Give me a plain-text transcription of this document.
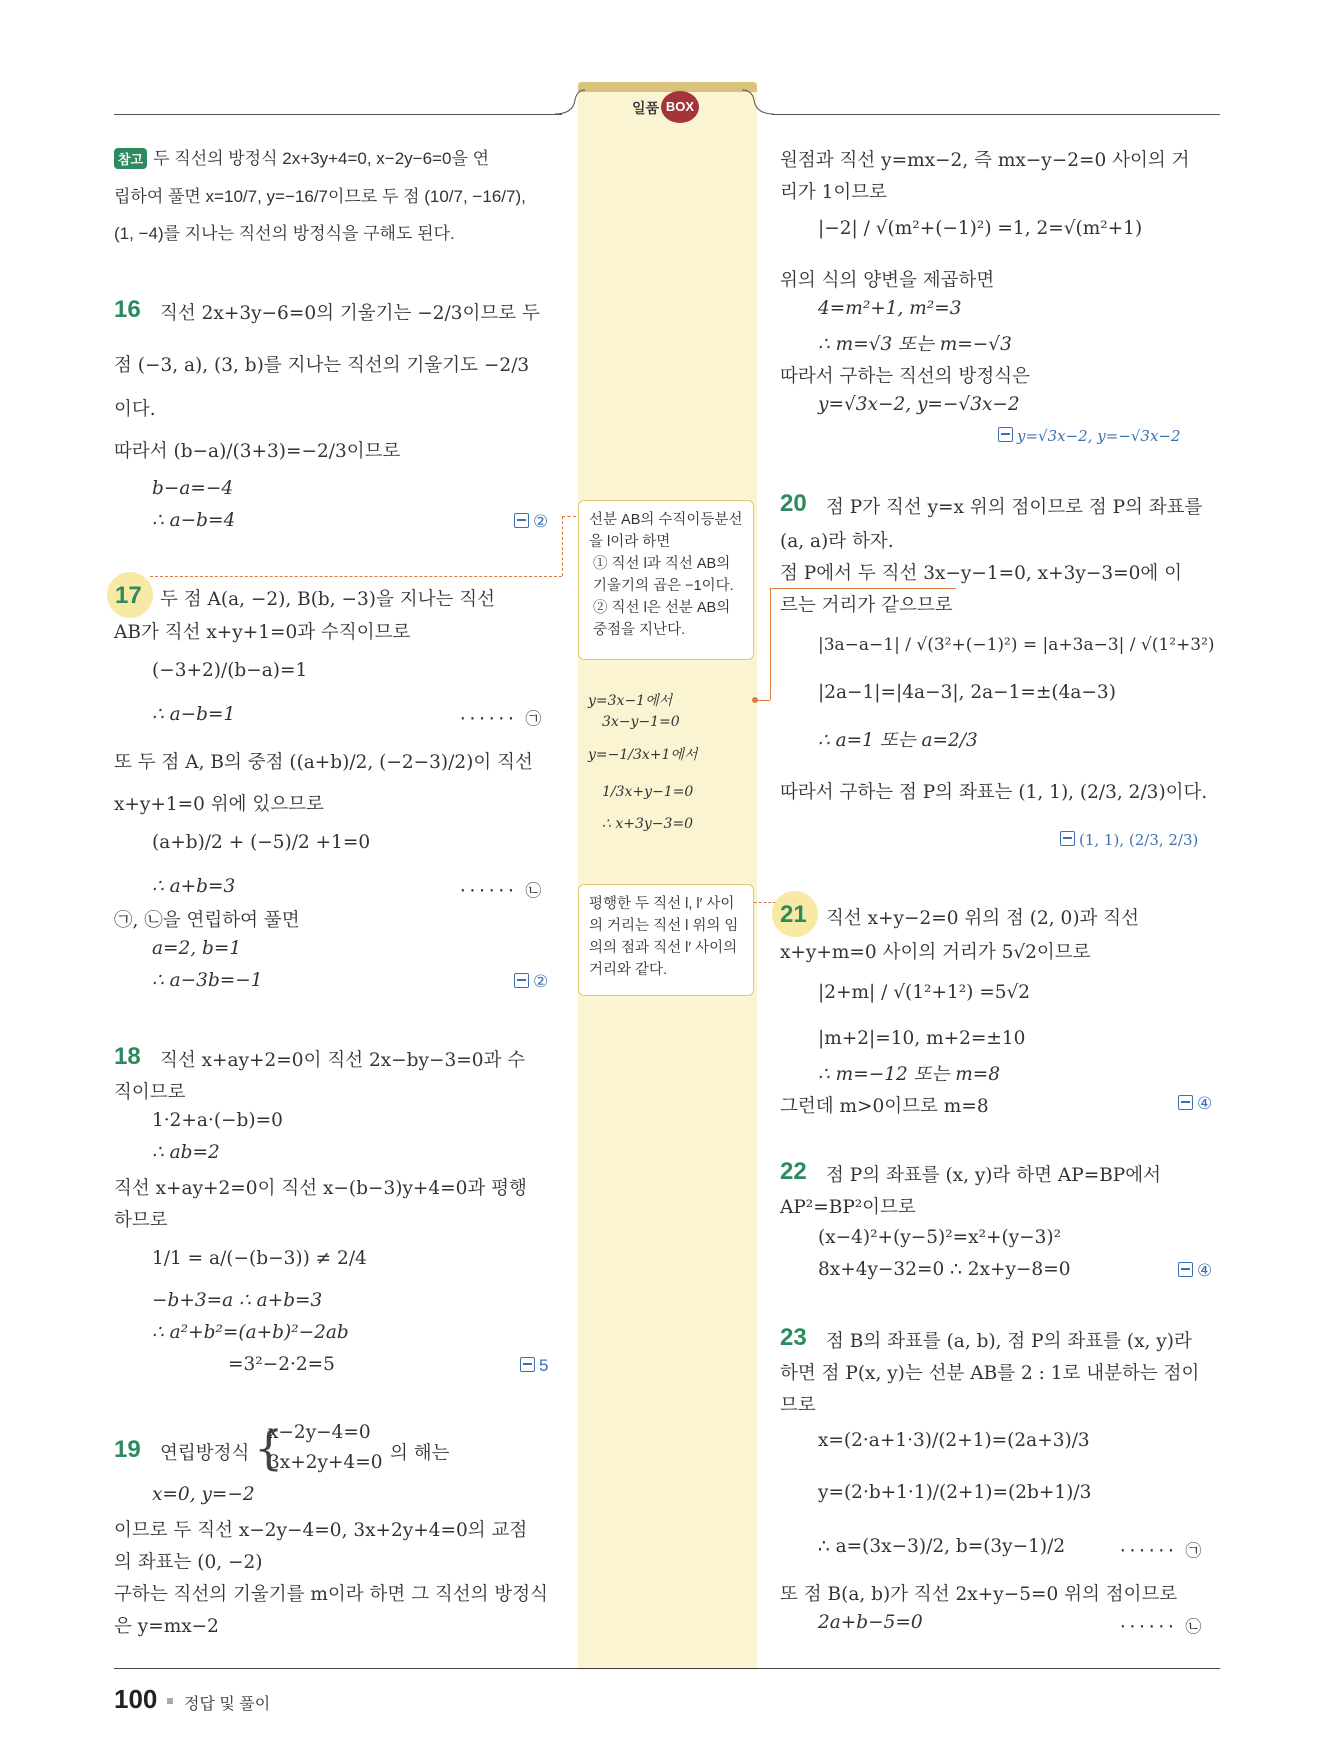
일품 BOX
참고 두 직선의 방정식 2x+3y+4=0, x−2y−6=0을 연
립하여 풀면 x=10/7, y=−16/7이므로 두 점 (10/7, −16/7),
(1, −4)를 지나는 직선의 방정식을 구해도 된다.
16 직선 2x+3y−6=0의 기울기는 −2/3이므로 두
점 (−3, a), (3, b)를 지나는 직선의 기울기도 −2/3
이다.
따라서 (b−a)/(3+3)=−2/3이므로
b−a=−4
∴ a−b=4	②
17 두 점 A(a, −2), B(b, −3)을 지나는 직선
AB가 직선 x+y+1=0과 수직이므로
(−3+2)/(b−a)=1
∴ a−b=1	······ ㉠
또 두 점 A, B의 중점 ((a+b)/2, (−2−3)/2)이 직선
x+y+1=0 위에 있으므로
(a+b)/2 + (−5)/2 +1=0
∴ a+b=3	······ ㉡
㉠, ㉡을 연립하여 풀면
a=2, b=1
∴ a−3b=−1	②
18 직선 x+ay+2=0이 직선 2x−by−3=0과 수
직이므로
1·2+a·(−b)=0
∴ ab=2
직선 x+ay+2=0이 직선 x−(b−3)y+4=0과 평행
하므로
1/1 = a/(−(b−3)) ≠ 2/4
−b+3=a ∴ a+b=3
∴ a²+b²=(a+b)²−2ab
=3²−2·2=5	5
19 연립방정식 {
x−2y−4=0
3x+2y+4=0 의 해는
x=0, y=−2
이므로 두 직선 x−2y−4=0, 3x+2y+4=0의 교점
의 좌표는 (0, −2)
구하는 직선의 기울기를 m이라 하면 그 직선의 방정식
은 y=mx−2
선분 AB의 수직이등분선을 l이라 하면
① 직선 l과 직선 AB의 기울기의 곱은 −1이다.
② 직선 l은 선분 AB의 중점을 지난다.
y=3x−1에서
3x−y−1=0
y=−1/3x+1에서
1/3x+y−1=0
∴ x+3y−3=0
평행한 두 직선 l, l′ 사이의 거리는 직선 l 위의 임의의 점과 직선 l′ 사이의 거리와 같다.
원점과 직선 y=mx−2, 즉 mx−y−2=0 사이의 거
리가 1이므로
|−2| / √(m²+(−1)²) =1, 2=√(m²+1)
위의 식의 양변을 제곱하면
4=m²+1, m²=3
∴ m=√3 또는 m=−√3
따라서 구하는 직선의 방정식은
y=√3x−2, y=−√3x−2
y=√3x−2, y=−√3x−2
20 점 P가 직선 y=x 위의 점이므로 점 P의 좌표를
(a, a)라 하자.
점 P에서 두 직선 3x−y−1=0, x+3y−3=0에 이
르는 거리가 같으므로
|3a−a−1| / √(3²+(−1)²) = |a+3a−3| / √(1²+3²)
|2a−1|=|4a−3|, 2a−1=±(4a−3)
∴ a=1 또는 a=2/3
따라서 구하는 점 P의 좌표는 (1, 1), (2/3, 2/3)이다.
(1, 1), (2/3, 2/3)
21 직선 x+y−2=0 위의 점 (2, 0)과 직선
x+y+m=0 사이의 거리가 5√2이므로
|2+m| / √(1²+1²) =5√2
|m+2|=10, m+2=±10
∴ m=−12 또는 m=8
그런데 m>0이므로 m=8	④
22 점 P의 좌표를 (x, y)라 하면 AP=BP에서
AP²=BP²이므로
(x−4)²+(y−5)²=x²+(y−3)²
8x+4y−32=0 ∴ 2x+y−8=0	④
23 점 B의 좌표를 (a, b), 점 P의 좌표를 (x, y)라
하면 점 P(x, y)는 선분 AB를 2 : 1로 내분하는 점이
므로
x=(2·a+1·3)/(2+1)=(2a+3)/3
y=(2·b+1·1)/(2+1)=(2b+1)/3
∴ a=(3x−3)/2, b=(3y−1)/2	······ ㉠
또 점 B(a, b)가 직선 2x+y−5=0 위의 점이므로
2a+b−5=0	······ ㉡
100 정답 및 풀이
